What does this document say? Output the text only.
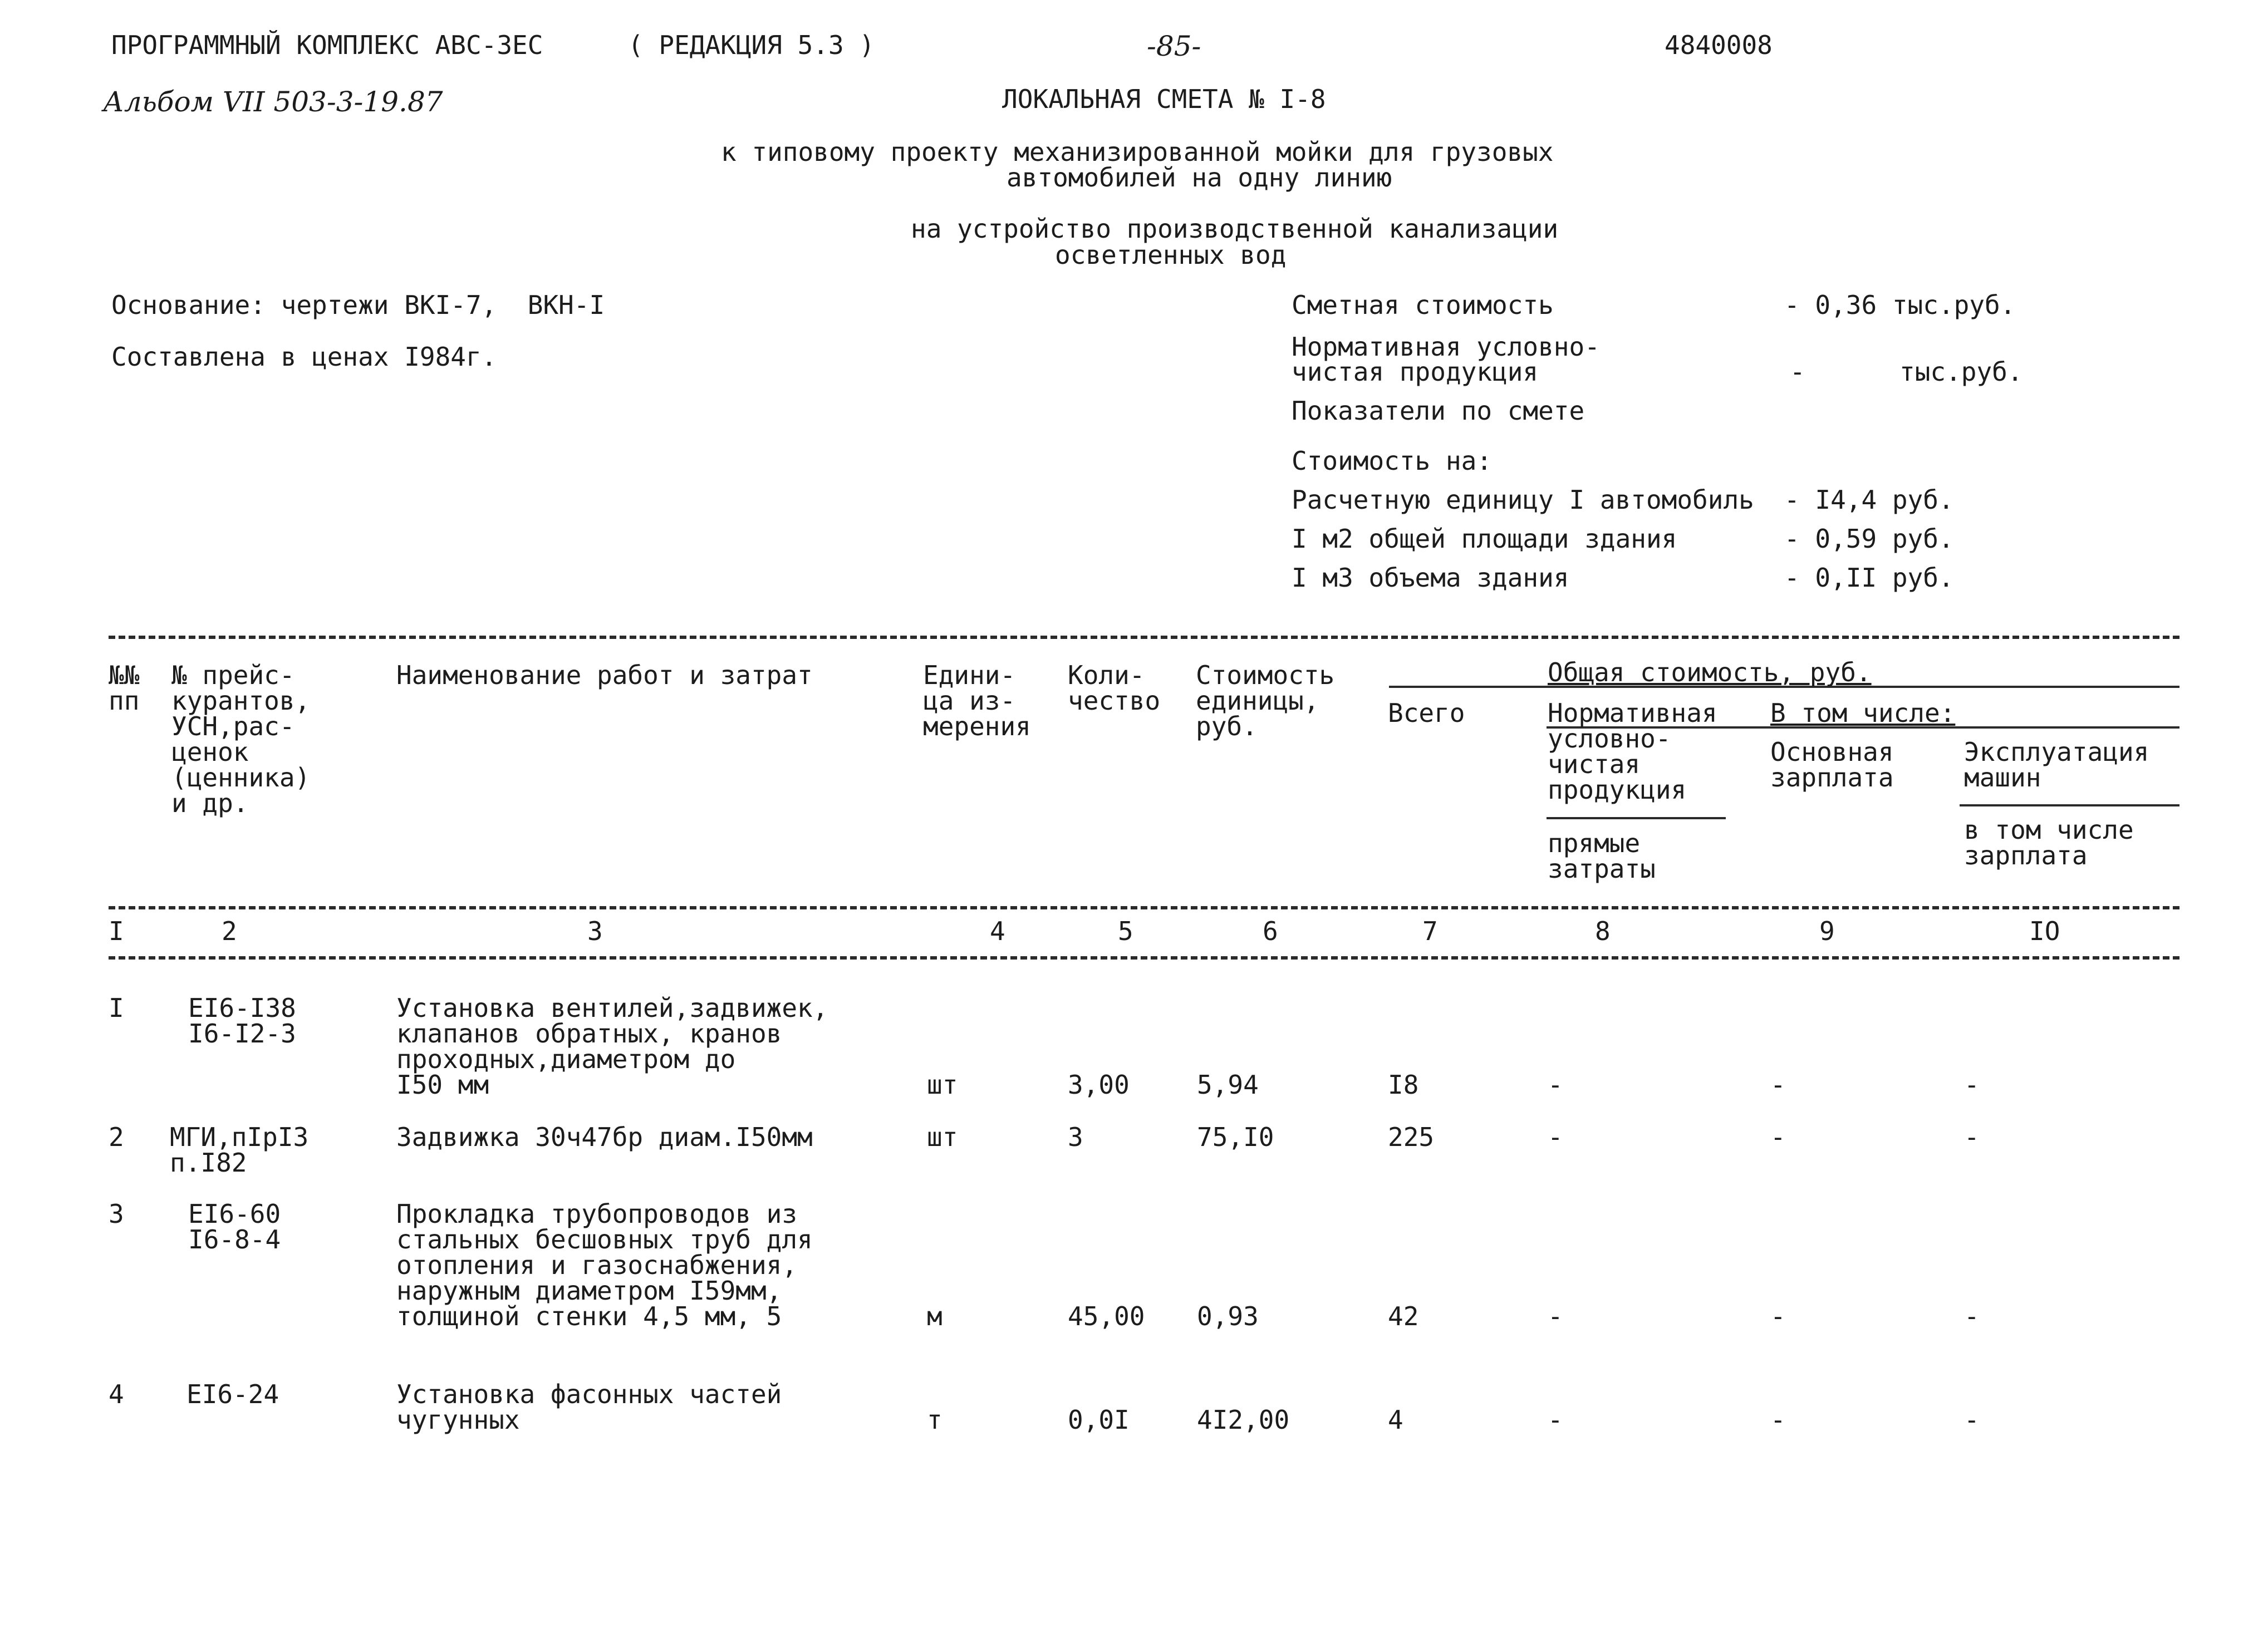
ПРОГРАММНЫЙ КОМПЛЕКС АВС-ЗЕС	( РЕДАКЦИЯ 5.3 )	-85-	4840008
Альбом VII 503-3-19.87	ЛОКАЛЬНАЯ СМЕТА № I-8
к типовому проекту механизированной мойки для грузовых
автомобилей на одну линию
на устройство производственной канализации
осветленных вод
Основание: чертежи ВКI-7,  ВКН-I
Составлена в ценах I984г.
Сметная стоимость	- 0,36 тыс.руб.
Нормативная условно-
чистая продукция	-	тыс.руб.
Показатели по смете
Стоимость на:
Расчетную единицу I автомобиль - I4,4 руб.
I м2 общей площади здания	- 0,59 руб.
I м3 объема здания	- 0,II руб.
№№
пп
№ прейс-
курантов,
УСН,рас-
ценок
(ценника)
и др.
Наименование работ и затрат	Едини-
ца из-
мерения
Коли-
чество
Стоимость
единицы,
руб.
Общая стоимость, руб.
Всего	Нормативная
условно-
чистая
продукция
прямые
затраты
В том числе:
Основная
зарплата
Эксплуатация
машин
в том числе
зарплата
I	2	3	4	5	6	7	8	9	IO
I	EI6-I38
I6-I2-3
Установка вентилей,задвижек,
клапанов обратных, кранов
проходных,диаметром до
I50 мм	шт	3,00	5,94	I8	-	-	-
2 МГИ,пIрI3
п.I82
Задвижка 30ч47бр диам.I50мм	шт	3	75,I0	225	-	-	-
3	EI6-60
I6-8-4
Прокладка трубопроводов из
стальных бесшовных труб для
отопления и газоснабжения,
наружным диаметром I59мм,
толщиной стенки 4,5 мм, 5	м	45,00 0,93	42	-	-	-
4 EI6-24	Установка фасонных частей
чугунных	т	0,0I	4I2,00	4	-	-	-
